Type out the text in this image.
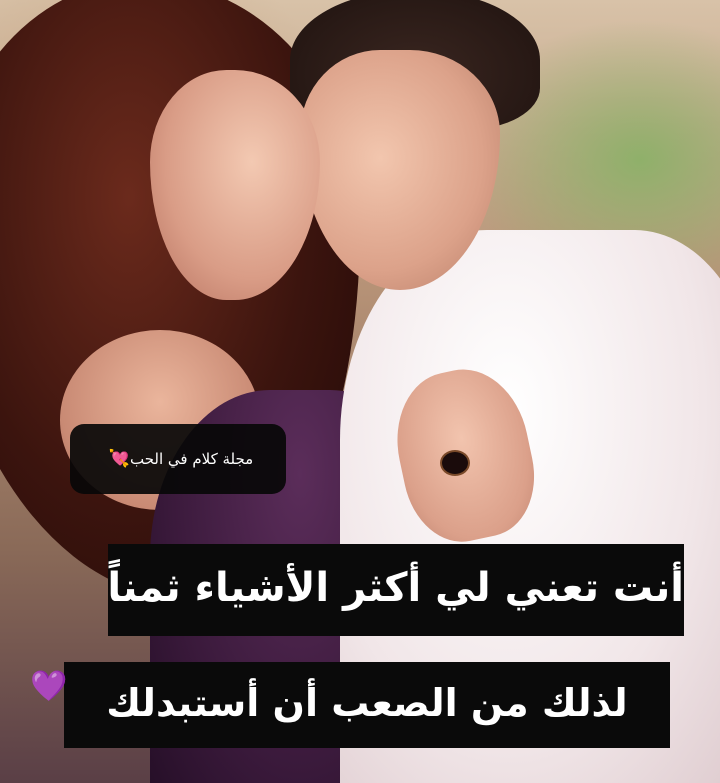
مجلة كلام في الحب
💘
أنت تعني لي أكثر الأشياء ثمناً
لذلك من الصعب أن أستبدلك
💜
